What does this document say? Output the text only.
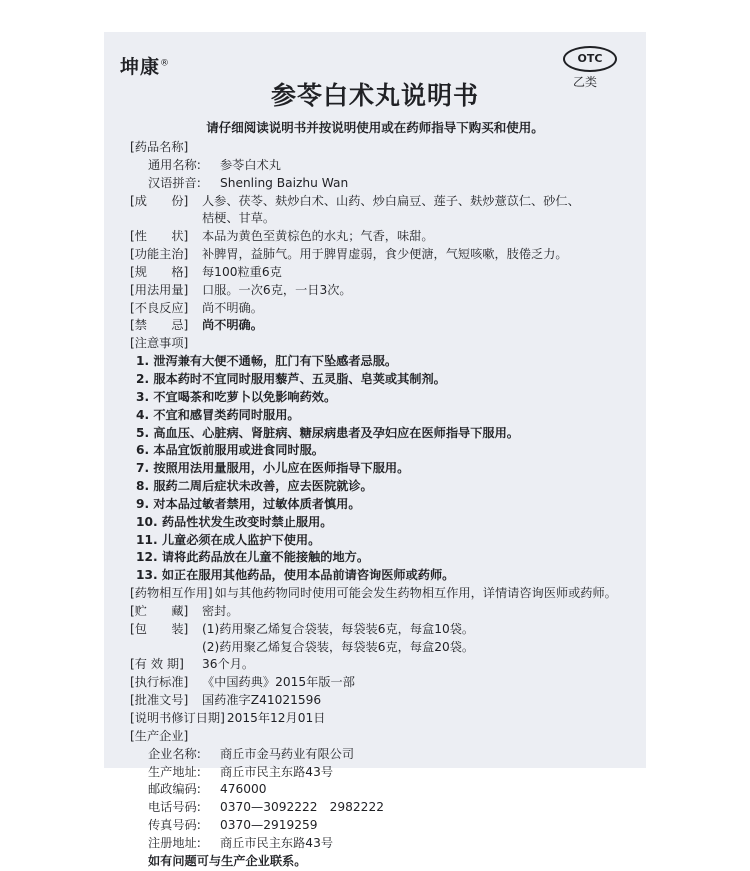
坤康®	OTC
乙类
参苓白术丸说明书
请仔细阅读说明书并按说明使用或在药师指导下购买和使用。
[药品名称]
通用名称: 参苓白术丸
汉语拼音: Shenling Baizhu Wan
[成　　份] 人参、茯苓、麸炒白术、山药、炒白扁豆、莲子、麸炒薏苡仁、砂仁、
桔梗、甘草。
[性　　状] 本品为黄色至黄棕色的水丸；气香，味甜。
[功能主治] 补脾胃，益肺气。用于脾胃虚弱，食少便溏，气短咳嗽，肢倦乏力。
[规　　格] 每100粒重6克
[用法用量] 口服。一次6克，一日3次。
[不良反应] 尚不明确。
[禁　　忌] 尚不明确。
[注意事项]
1. 泄泻兼有大便不通畅，肛门有下坠感者忌服。
2. 服本药时不宜同时服用藜芦、五灵脂、皂荚或其制剂。
3. 不宜喝茶和吃萝卜以免影响药效。
4. 不宜和感冒类药同时服用。
5. 高血压、心脏病、肾脏病、糖尿病患者及孕妇应在医师指导下服用。
6. 本品宜饭前服用或进食同时服。
7. 按照用法用量服用，小儿应在医师指导下服用。
8. 服药二周后症状未改善，应去医院就诊。
9. 对本品过敏者禁用，过敏体质者慎用。
10. 药品性状发生改变时禁止服用。
11. 儿童必须在成人监护下使用。
12. 请将此药品放在儿童不能接触的地方。
13. 如正在服用其他药品，使用本品前请咨询医师或药师。
[药物相互作用] 如与其他药物同时使用可能会发生药物相互作用，详情请咨询医师或药师。
[贮　　藏] 密封。
[包　　装] (1)药用聚乙烯复合袋装，每袋装6克，每盒10袋。
(2)药用聚乙烯复合袋装，每袋装6克，每盒20袋。
[有 效 期] 36个月。
[执行标准] 《中国药典》2015年版一部
[批准文号] 国药准字Z41021596
[说明书修订日期] 2015年12月01日
[生产企业]
企业名称: 商丘市金马药业有限公司
生产地址: 商丘市民主东路43号
邮政编码: 476000
电话号码: 0370—3092222　2982222
传真号码: 0370—2919259
注册地址: 商丘市民主东路43号
如有问题可与生产企业联系。
